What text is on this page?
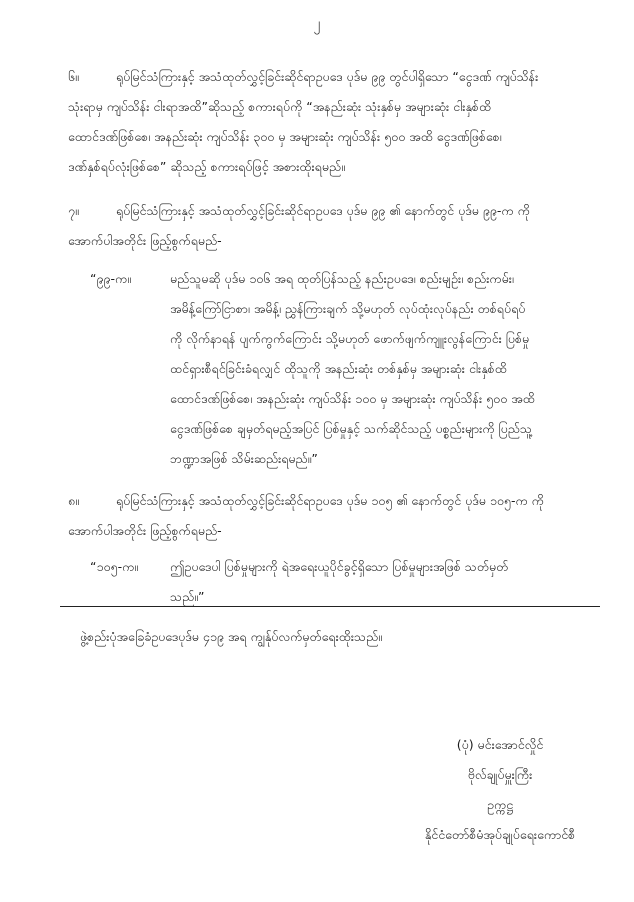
၂
၆။	ရုပ်မြင်သံကြားနှင့် အသံထုတ်လွှင့်ခြင်းဆိုင်ရာဥပဒေ ပုဒ်မ ၉၉ တွင်ပါရှိသော “ငွေဒဏ် ကျပ်သိန်း
သုံးရာမှ ကျပ်သိန်း ငါးရာအထိ”ဆိုသည့် စကားရပ်ကို “အနည်းဆုံး သုံးနှစ်မှ အများဆုံး ငါးနှစ်ထိ
ထောင်ဒဏ်ဖြစ်စေ၊ အနည်းဆုံး ကျပ်သိန်း ၃၀၀ မှ အများဆုံး ကျပ်သိန်း ၅၀၀ အထိ ငွေဒဏ်ဖြစ်စေ၊
ဒဏ်နှစ်ရပ်လုံးဖြစ်စေ” ဆိုသည့် စကားရပ်ဖြင့် အစားထိုးရမည်။
၇။	ရုပ်မြင်သံကြားနှင့် အသံထုတ်လွှင့်ခြင်းဆိုင်ရာဥပဒေ ပုဒ်မ ၉၉ ၏ နောက်တွင် ပုဒ်မ ၉၉-က ကို
အောက်ပါအတိုင်း ဖြည့်စွက်ရမည်-
“၉၉-က။	မည်သူမဆို ပုဒ်မ ၁၀၆ အရ ထုတ်ပြန်သည့် နည်းဥပဒေ၊ စည်းမျဉ်း၊ စည်းကမ်း၊
အမိန့်ကြော်ငြာစာ၊ အမိန့်၊ ညွှန်ကြားချက် သို့မဟုတ် လုပ်ထုံးလုပ်နည်း တစ်ရပ်ရပ်
ကို လိုက်နာရန် ပျက်ကွက်ကြောင်း သို့မဟုတ် ဖောက်ဖျက်ကျူးလွန်ကြောင်း ပြစ်မှု
ထင်ရှားစီရင်ခြင်းခံရလျှင် ထိုသူကို အနည်းဆုံး တစ်နှစ်မှ အများဆုံး ငါးနှစ်ထိ
ထောင်ဒဏ်ဖြစ်စေ၊ အနည်းဆုံး ကျပ်သိန်း ၁၀၀ မှ အများဆုံး ကျပ်သိန်း ၅၀၀ အထိ
ငွေဒဏ်ဖြစ်စေ ချမှတ်ရမည့်အပြင် ပြစ်မှုနှင့် သက်ဆိုင်သည့် ပစ္စည်းများကို ပြည်သူ့
ဘဏ္ဍာအဖြစ် သိမ်းဆည်းရမည်။”
၈။	ရုပ်မြင်သံကြားနှင့် အသံထုတ်လွှင့်ခြင်းဆိုင်ရာဥပဒေ ပုဒ်မ ၁၀၅ ၏ နောက်တွင် ပုဒ်မ ၁၀၅-က ကို
အောက်ပါအတိုင်း ဖြည့်စွက်ရမည်-
“၁၀၅-က။	ဤဥပဒေပါ ပြစ်မှုများကို ရဲအရေးယူပိုင်ခွင့်ရှိသော ပြစ်မှုများအဖြစ် သတ်မှတ်
သည်။”
ဖွဲ့စည်းပုံအခြေခံဥပဒေပုဒ်မ ၄၁၉ အရ ကျွန်ုပ်လက်မှတ်ရေးထိုးသည်။
(ပုံ) မင်းအောင်လှိုင်
ဗိုလ်ချုပ်မှူးကြီး
ဥက္ကဋ္ဌ
နိုင်ငံတော်စီမံအုပ်ချုပ်ရေးကောင်စီ
